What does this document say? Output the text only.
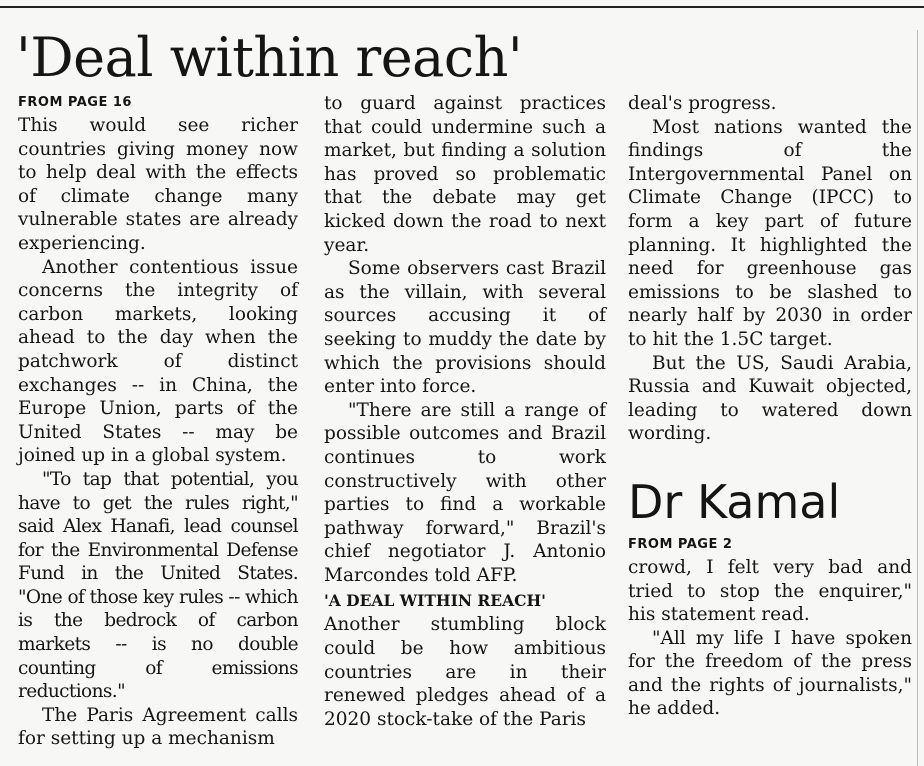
'Deal within reach'
FROM PAGE 16

This would see richer countries giving money now to help deal with the effects of climate change many vulnerable states are already experiencing.

Another contentious issue concerns the integrity of carbon markets, looking ahead to the day when the patchwork of distinct exchanges -- in China, the Europe Union, parts of the United States -- may be joined up in a global system.

"To tap that potential, you have to get the rules right," said Alex Hanafi, lead counsel for the Environmental Defense Fund in the United States. "One of those key rules -- which is the bedrock of carbon markets -- is no double counting of emissions reductions."

The Paris Agreement calls for setting up a mechanism

to guard against practices that could undermine such a market, but finding a solution has proved so problematic that the debate may get kicked down the road to next year.

Some observers cast Brazil as the villain, with several sources accusing it of seeking to muddy the date by which the provisions should enter into force.

"There are still a range of possible outcomes and Brazil continues to work constructively with other parties to find a workable pathway forward," Brazil's chief negotiator J. Antonio Marcondes told AFP.

'A DEAL WITHIN REACH'

Another stumbling block could be how ambitious countries are in their renewed pledges ahead of a 2020 stock-take of the Paris

deal's progress.

Most nations wanted the findings of the Intergovernmental Panel on Climate Change (IPCC) to form a key part of future planning. It highlighted the need for greenhouse gas emissions to be slashed to nearly half by 2030 in order to hit the 1.5C target.

But the US, Saudi Arabia, Russia and Kuwait objected, leading to watered down wording.

Dr Kamal
FROM PAGE 2

crowd, I felt very bad and tried to stop the enquirer," his statement read.

"All my life I have spoken for the freedom of the press and the rights of journalists," he added.
